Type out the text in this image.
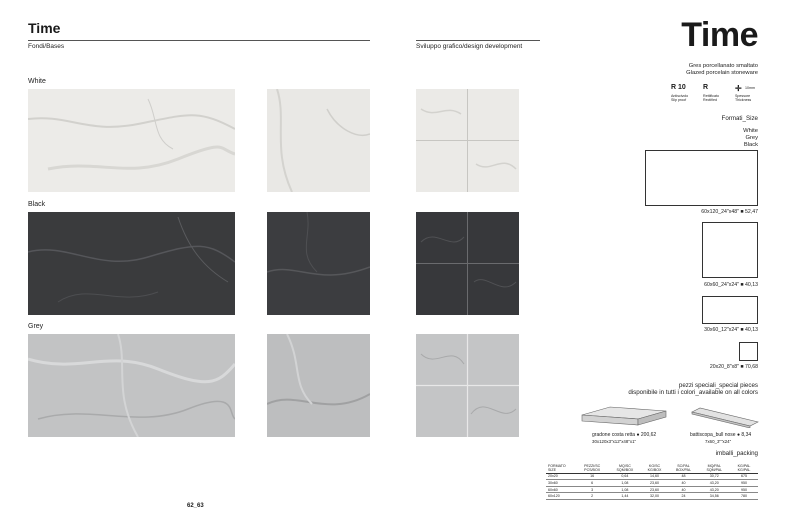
Time
Fondi/Bases	Sviluppo grafico/design development
White
Black
Grey
62_63
Time
Gres porcellanato smaltato
Glazed porcelain stoneware
R 10
Antiscivolo
Slip proof
R
Rettificato
Rectified
✛ 10mm
Spessore
Thickness
Formati_Size
White
Grey
Black
60x120_24"x48" ■ 52,47
60x60_24"x24" ■ 40,13
30x60_12"x24" ■ 40,13
20x20_8"x8" ■ 70,68
pezzi speciali_special pieces
disponibile in tutti i colori_available on all colors
gradone costa retta ● 200,62
30x120x3"x12"x48"x1"
battiscopa_bull nose ● 8,34
7x60_3""x24"
imballi_packing
FORMATO SIZE	PEZZI/SC PCS/BOX	MQ/SC SQM/BOX	KG/SC KG/BOX	SC/PAL BOX/PAL	MQ/PAL SQM/PAL	KG/PAL KG/PAL
20x20	16	0,64	14,60	48	30,72	675
30x60	6	1,08	23,60	40	43,20	950
60x60	3	1,08	23,60	40	43,20	950
60x120	2	1,44	32,00	24	34,56	780
